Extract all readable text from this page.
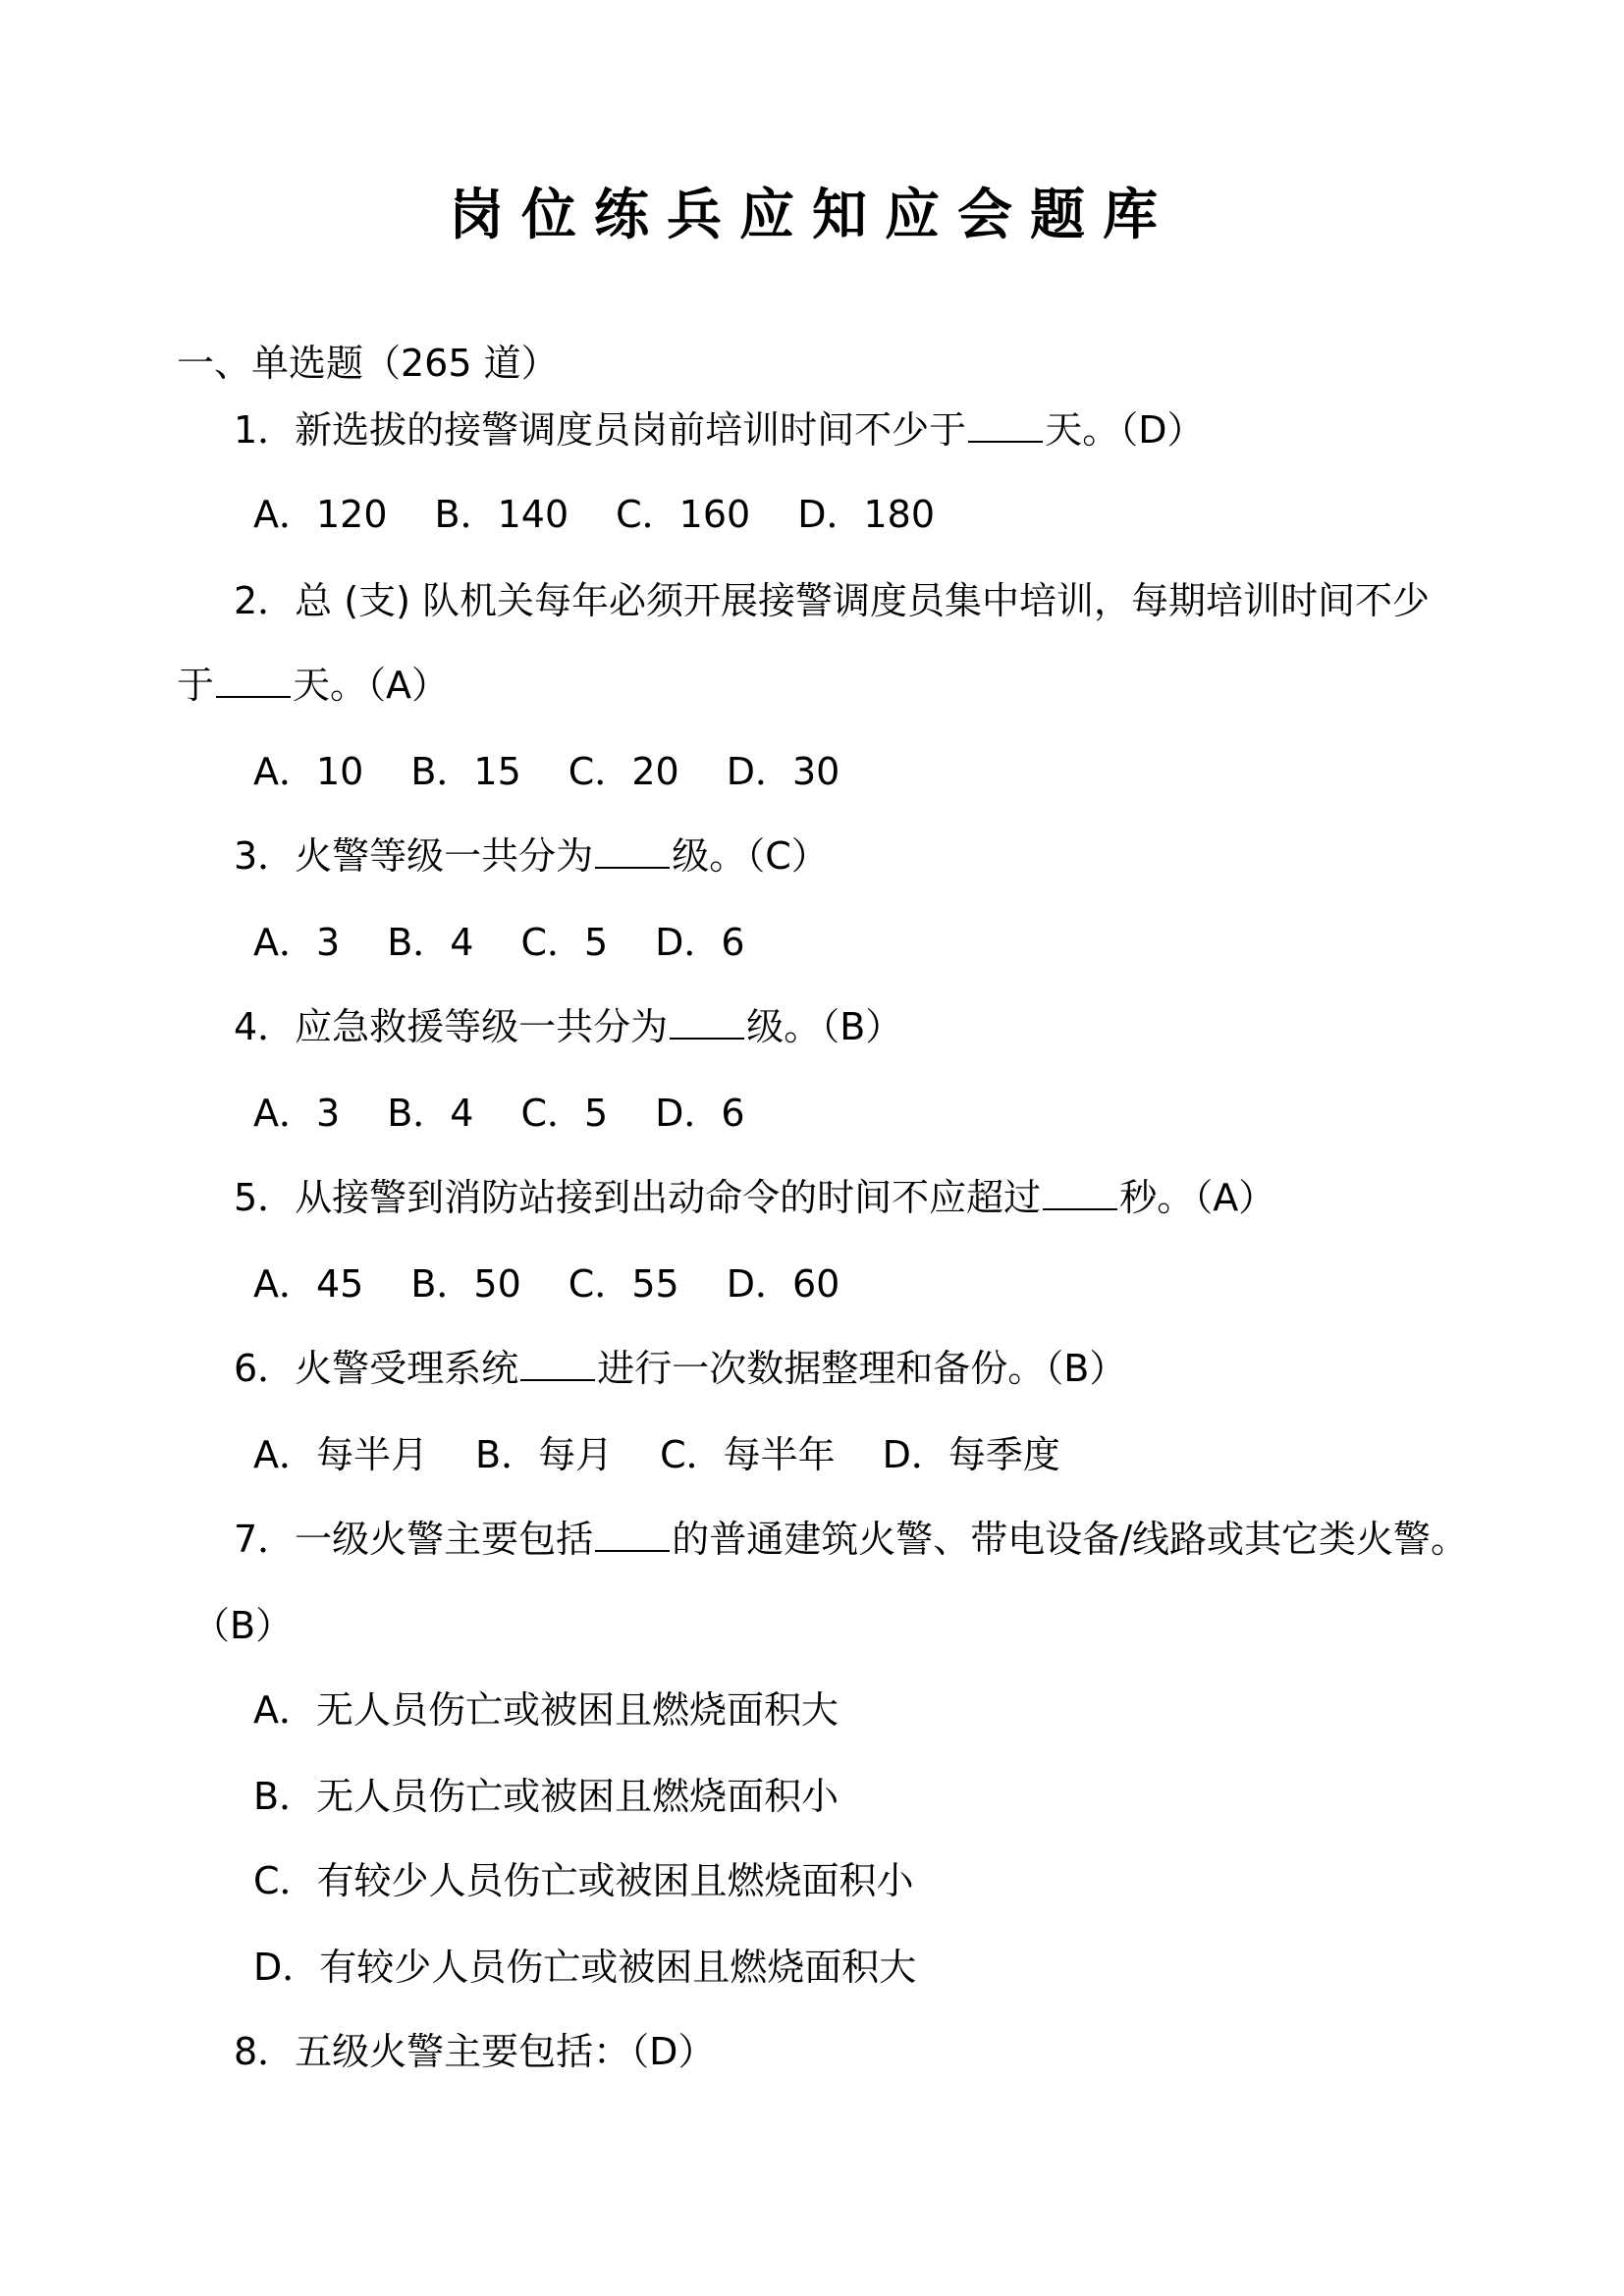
岗位练兵应知应会题库
一、单选题（265 道）
1．新选拔的接警调度员岗前培训时间不少于 天。（D）
A．120 B．140 C．160 D．180
2．总 (支) 队机关每年必须开展接警调度员集中培训，每期培训时间不少
于 天。（A）
A．10 B．15 C．20 D．30
3．火警等级一共分为 级。（C）
A．3 B．4 C．5 D．6
4．应急救援等级一共分为 级。（B）
A．3 B．4 C．5 D．6
5．从接警到消防站接到出动命令的时间不应超过 秒。（A）
A．45 B．50 C．55 D．60
6．火警受理系统 进行一次数据整理和备份。（B）
A．每半月 B．每月 C．每半年 D．每季度
7．一级火警主要包括 的普通建筑火警、带电设备/线路或其它类火警。
（B）
A．无人员伤亡或被困且燃烧面积大
B．无人员伤亡或被困且燃烧面积小
C．有较少人员伤亡或被困且燃烧面积小
D．有较少人员伤亡或被困且燃烧面积大
8．五级火警主要包括：（D）
